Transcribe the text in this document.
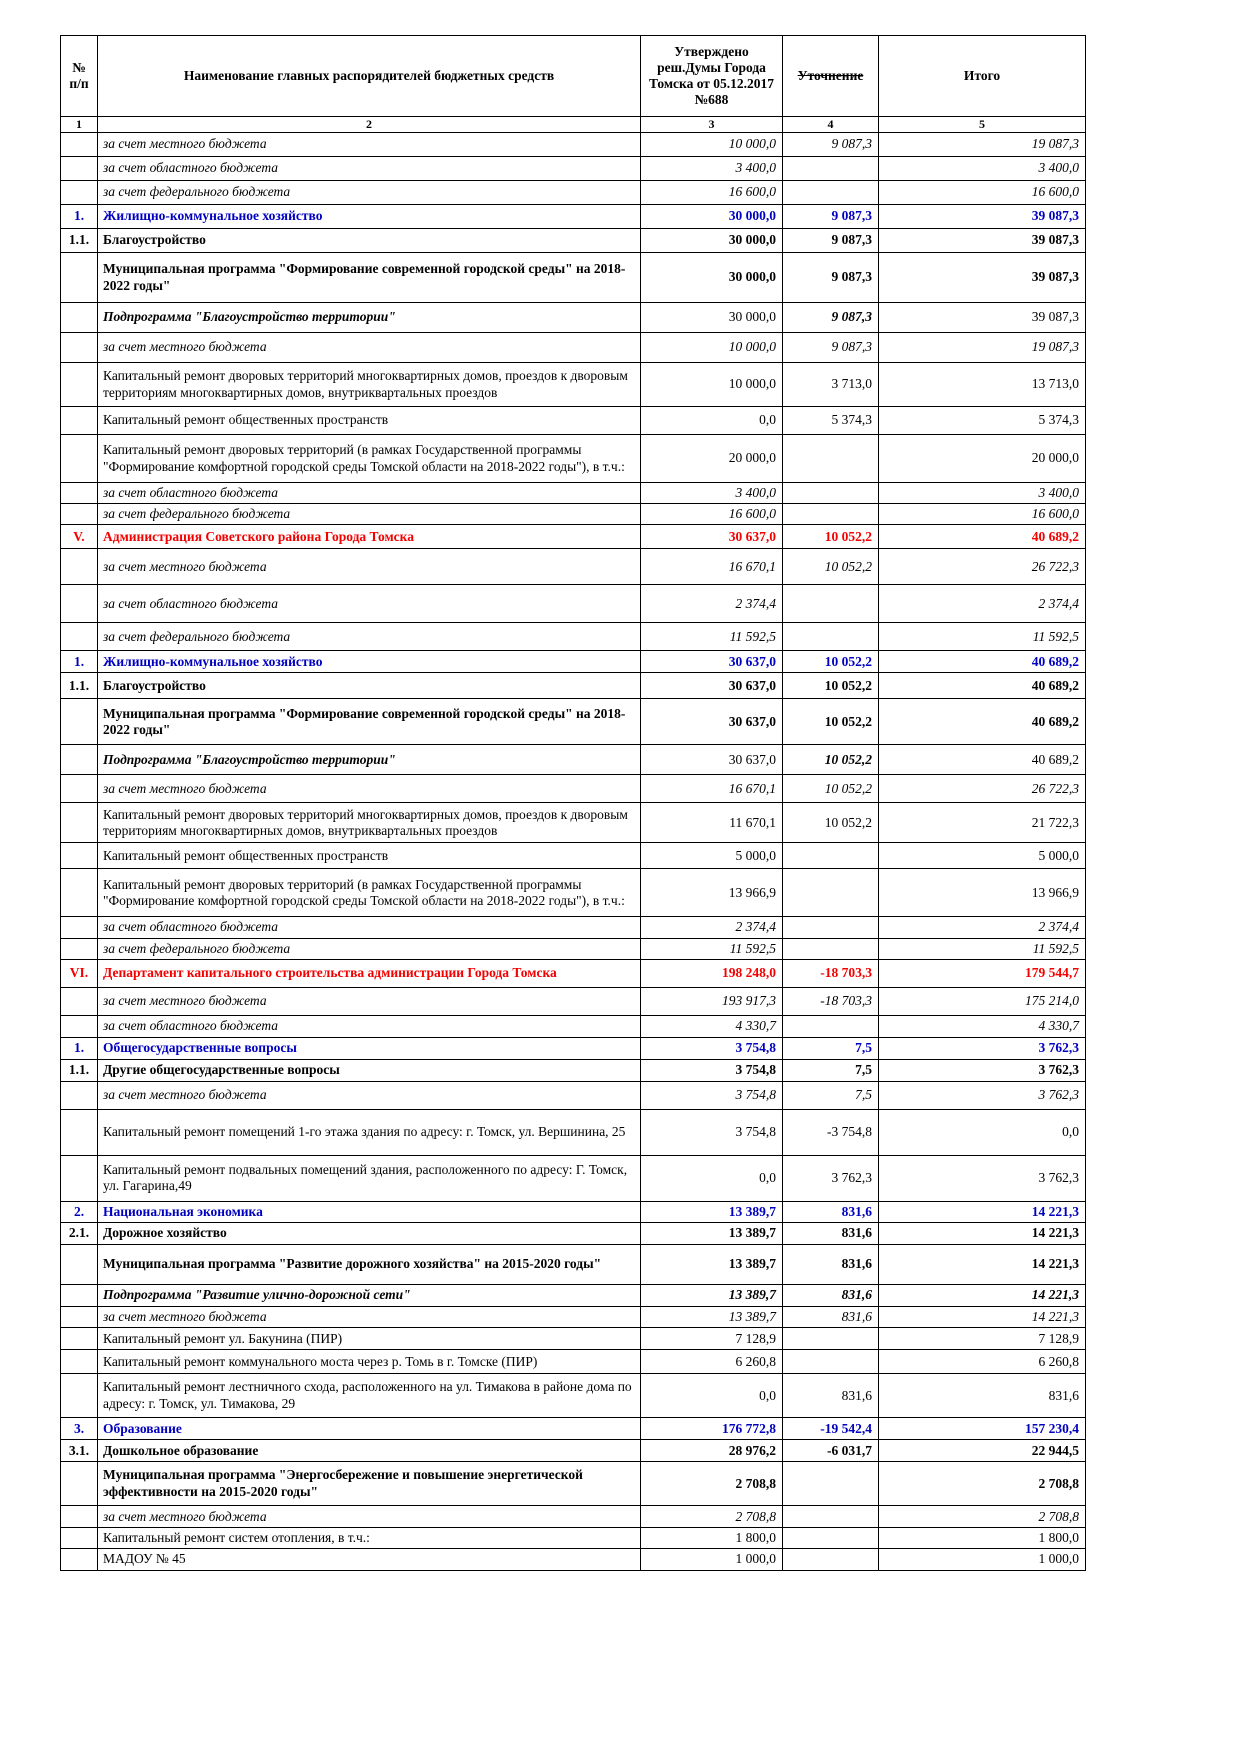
№ п/п	Наименование главных распорядителей бюджетных средств	Утверждено реш.Думы Города Томска от 05.12.2017 №688	Уточнение	Итого
1	2	3	4	5
	за счет местного бюджета	10 000,0	9 087,3	19 087,3
	за счет областного бюджета	3 400,0		3 400,0
	за счет федерального бюджета	16 600,0		16 600,0
1.	Жилищно-коммунальное хозяйство	30 000,0	9 087,3	39 087,3
1.1.	Благоустройство	30 000,0	9 087,3	39 087,3
	Муниципальная программа "Формирование современной городской среды" на 2018-2022 годы"	30 000,0	9 087,3	39 087,3
	Подпрограмма "Благоустройство территории"	30 000,0	9 087,3	39 087,3
	за счет местного бюджета	10 000,0	9 087,3	19 087,3
	Капитальный ремонт дворовых территорий многоквартирных домов, проездов к дворовым территориям многоквартирных домов, внутриквартальных проездов	10 000,0	3 713,0	13 713,0
	Капитальный ремонт общественных пространств	0,0	5 374,3	5 374,3
	Капитальный ремонт дворовых территорий (в рамках Государственной программы "Формирование комфортной городской среды Томской области на 2018-2022 годы"), в т.ч.:	20 000,0		20 000,0
	за счет областного бюджета	3 400,0		3 400,0
	за счет федерального бюджета	16 600,0		16 600,0
V.	Администрация Советского района Города Томска	30 637,0	10 052,2	40 689,2
	за счет местного бюджета	16 670,1	10 052,2	26 722,3
	за счет областного бюджета	2 374,4		2 374,4
	за счет федерального бюджета	11 592,5		11 592,5
1.	Жилищно-коммунальное хозяйство	30 637,0	10 052,2	40 689,2
1.1.	Благоустройство	30 637,0	10 052,2	40 689,2
	Муниципальная программа "Формирование современной городской среды" на 2018-2022 годы"	30 637,0	10 052,2	40 689,2
	Подпрограмма "Благоустройство территории"	30 637,0	10 052,2	40 689,2
	за счет местного бюджета	16 670,1	10 052,2	26 722,3
	Капитальный ремонт дворовых территорий многоквартирных домов, проездов к дворовым территориям многоквартирных домов, внутриквартальных проездов	11 670,1	10 052,2	21 722,3
	Капитальный ремонт общественных пространств	5 000,0		5 000,0
	Капитальный ремонт дворовых территорий (в рамках Государственной программы "Формирование комфортной городской среды Томской области на 2018-2022 годы"), в т.ч.:	13 966,9		13 966,9
	за счет областного бюджета	2 374,4		2 374,4
	за счет федерального бюджета	11 592,5		11 592,5
VI.	Департамент капитального строительства администрации Города Томска	198 248,0	-18 703,3	179 544,7
	за счет местного бюджета	193 917,3	-18 703,3	175 214,0
	за счет областного бюджета	4 330,7		4 330,7
1.	Общегосударственные вопросы	3 754,8	7,5	3 762,3
1.1.	Другие общегосударственные вопросы	3 754,8	7,5	3 762,3
	за счет местного бюджета	3 754,8	7,5	3 762,3
	Капитальный ремонт помещений 1-го этажа здания по адресу: г. Томск, ул. Вершинина, 25	3 754,8	-3 754,8	0,0
	Капитальный ремонт подвальных помещений здания, расположенного по адресу: Г. Томск, ул. Гагарина,49	0,0	3 762,3	3 762,3
2.	Национальная экономика	13 389,7	831,6	14 221,3
2.1.	Дорожное хозяйство	13 389,7	831,6	14 221,3
	Муниципальная программа "Развитие дорожного хозяйства" на 2015-2020 годы"	13 389,7	831,6	14 221,3
	Подпрограмма "Развитие улично-дорожной сети"	13 389,7	831,6	14 221,3
	за счет местного бюджета	13 389,7	831,6	14 221,3
	Капитальный ремонт ул. Бакунина (ПИР)	7 128,9		7 128,9
	Капитальный ремонт коммунального моста через р. Томь в г. Томске (ПИР)	6 260,8		6 260,8
	Капитальный ремонт лестничного схода, расположенного на ул. Тимакова в районе дома по адресу: г. Томск, ул. Тимакова, 29	0,0	831,6	831,6
3.	Образование	176 772,8	-19 542,4	157 230,4
3.1.	Дошкольное образование	28 976,2	-6 031,7	22 944,5
	Муниципальная программа "Энергосбережение и повышение энергетической эффективности на 2015-2020 годы"	2 708,8		2 708,8
	за счет местного бюджета	2 708,8		2 708,8
	Капитальный ремонт систем отопления, в т.ч.:	1 800,0		1 800,0
	МАДОУ № 45	1 000,0		1 000,0
